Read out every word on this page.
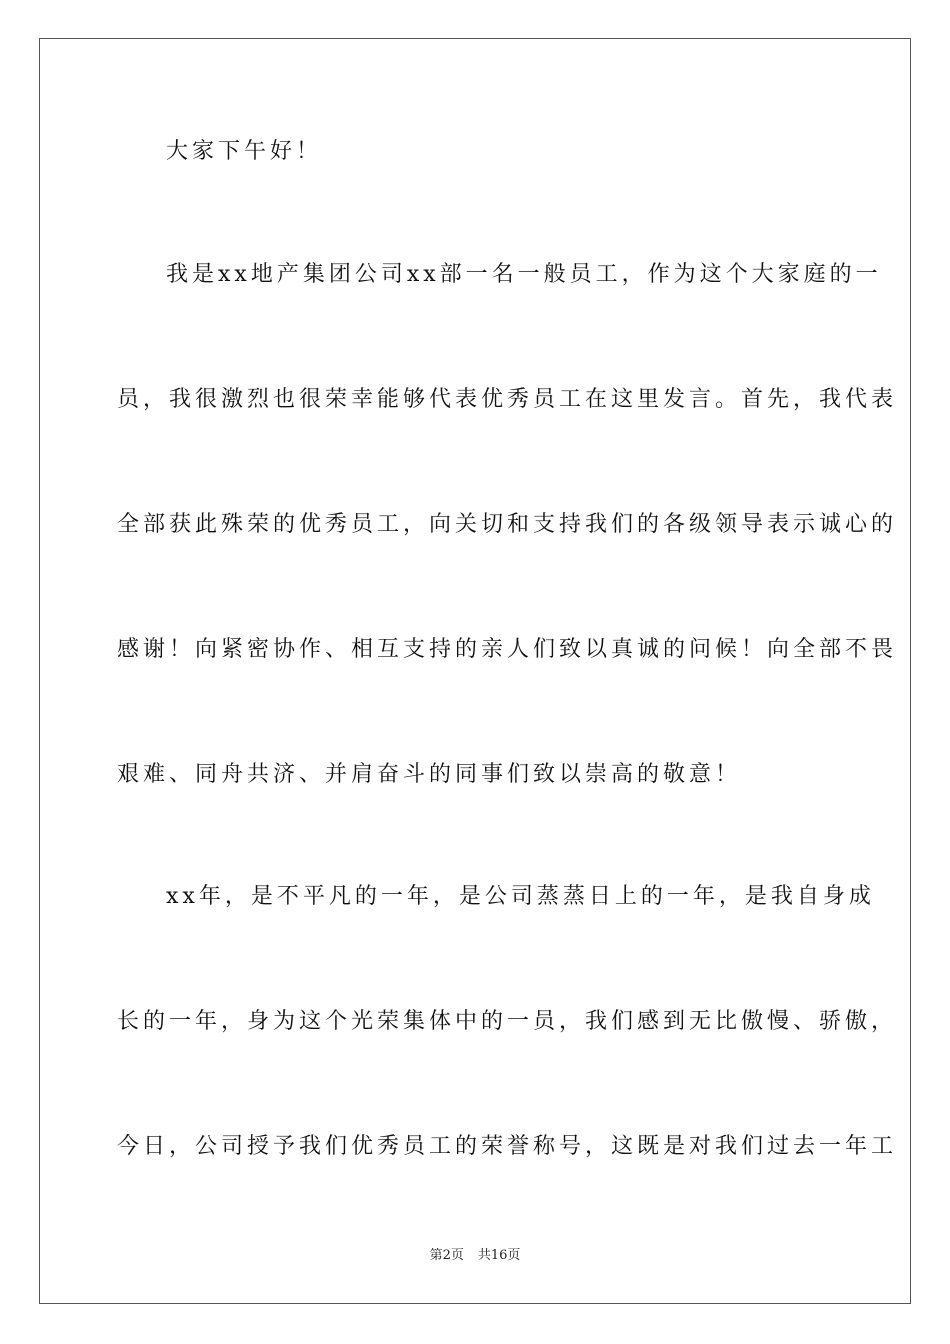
大家下午好！
我是xx地产集团公司xx部一名一般员工，作为这个大家庭的一
员，我很激烈也很荣幸能够代表优秀员工在这里发言。首先，我代表
全部获此殊荣的优秀员工，向关切和支持我们的各级领导表示诚心的
感谢！向紧密协作、相互支持的亲人们致以真诚的问候！向全部不畏
艰难、同舟共济、并肩奋斗的同事们致以崇高的敬意！
xx年，是不平凡的一年，是公司蒸蒸日上的一年，是我自身成
长的一年，身为这个光荣集体中的一员，我们感到无比傲慢、骄傲，
今日，公司授予我们优秀员工的荣誉称号，这既是对我们过去一年工
第2页 共16页
